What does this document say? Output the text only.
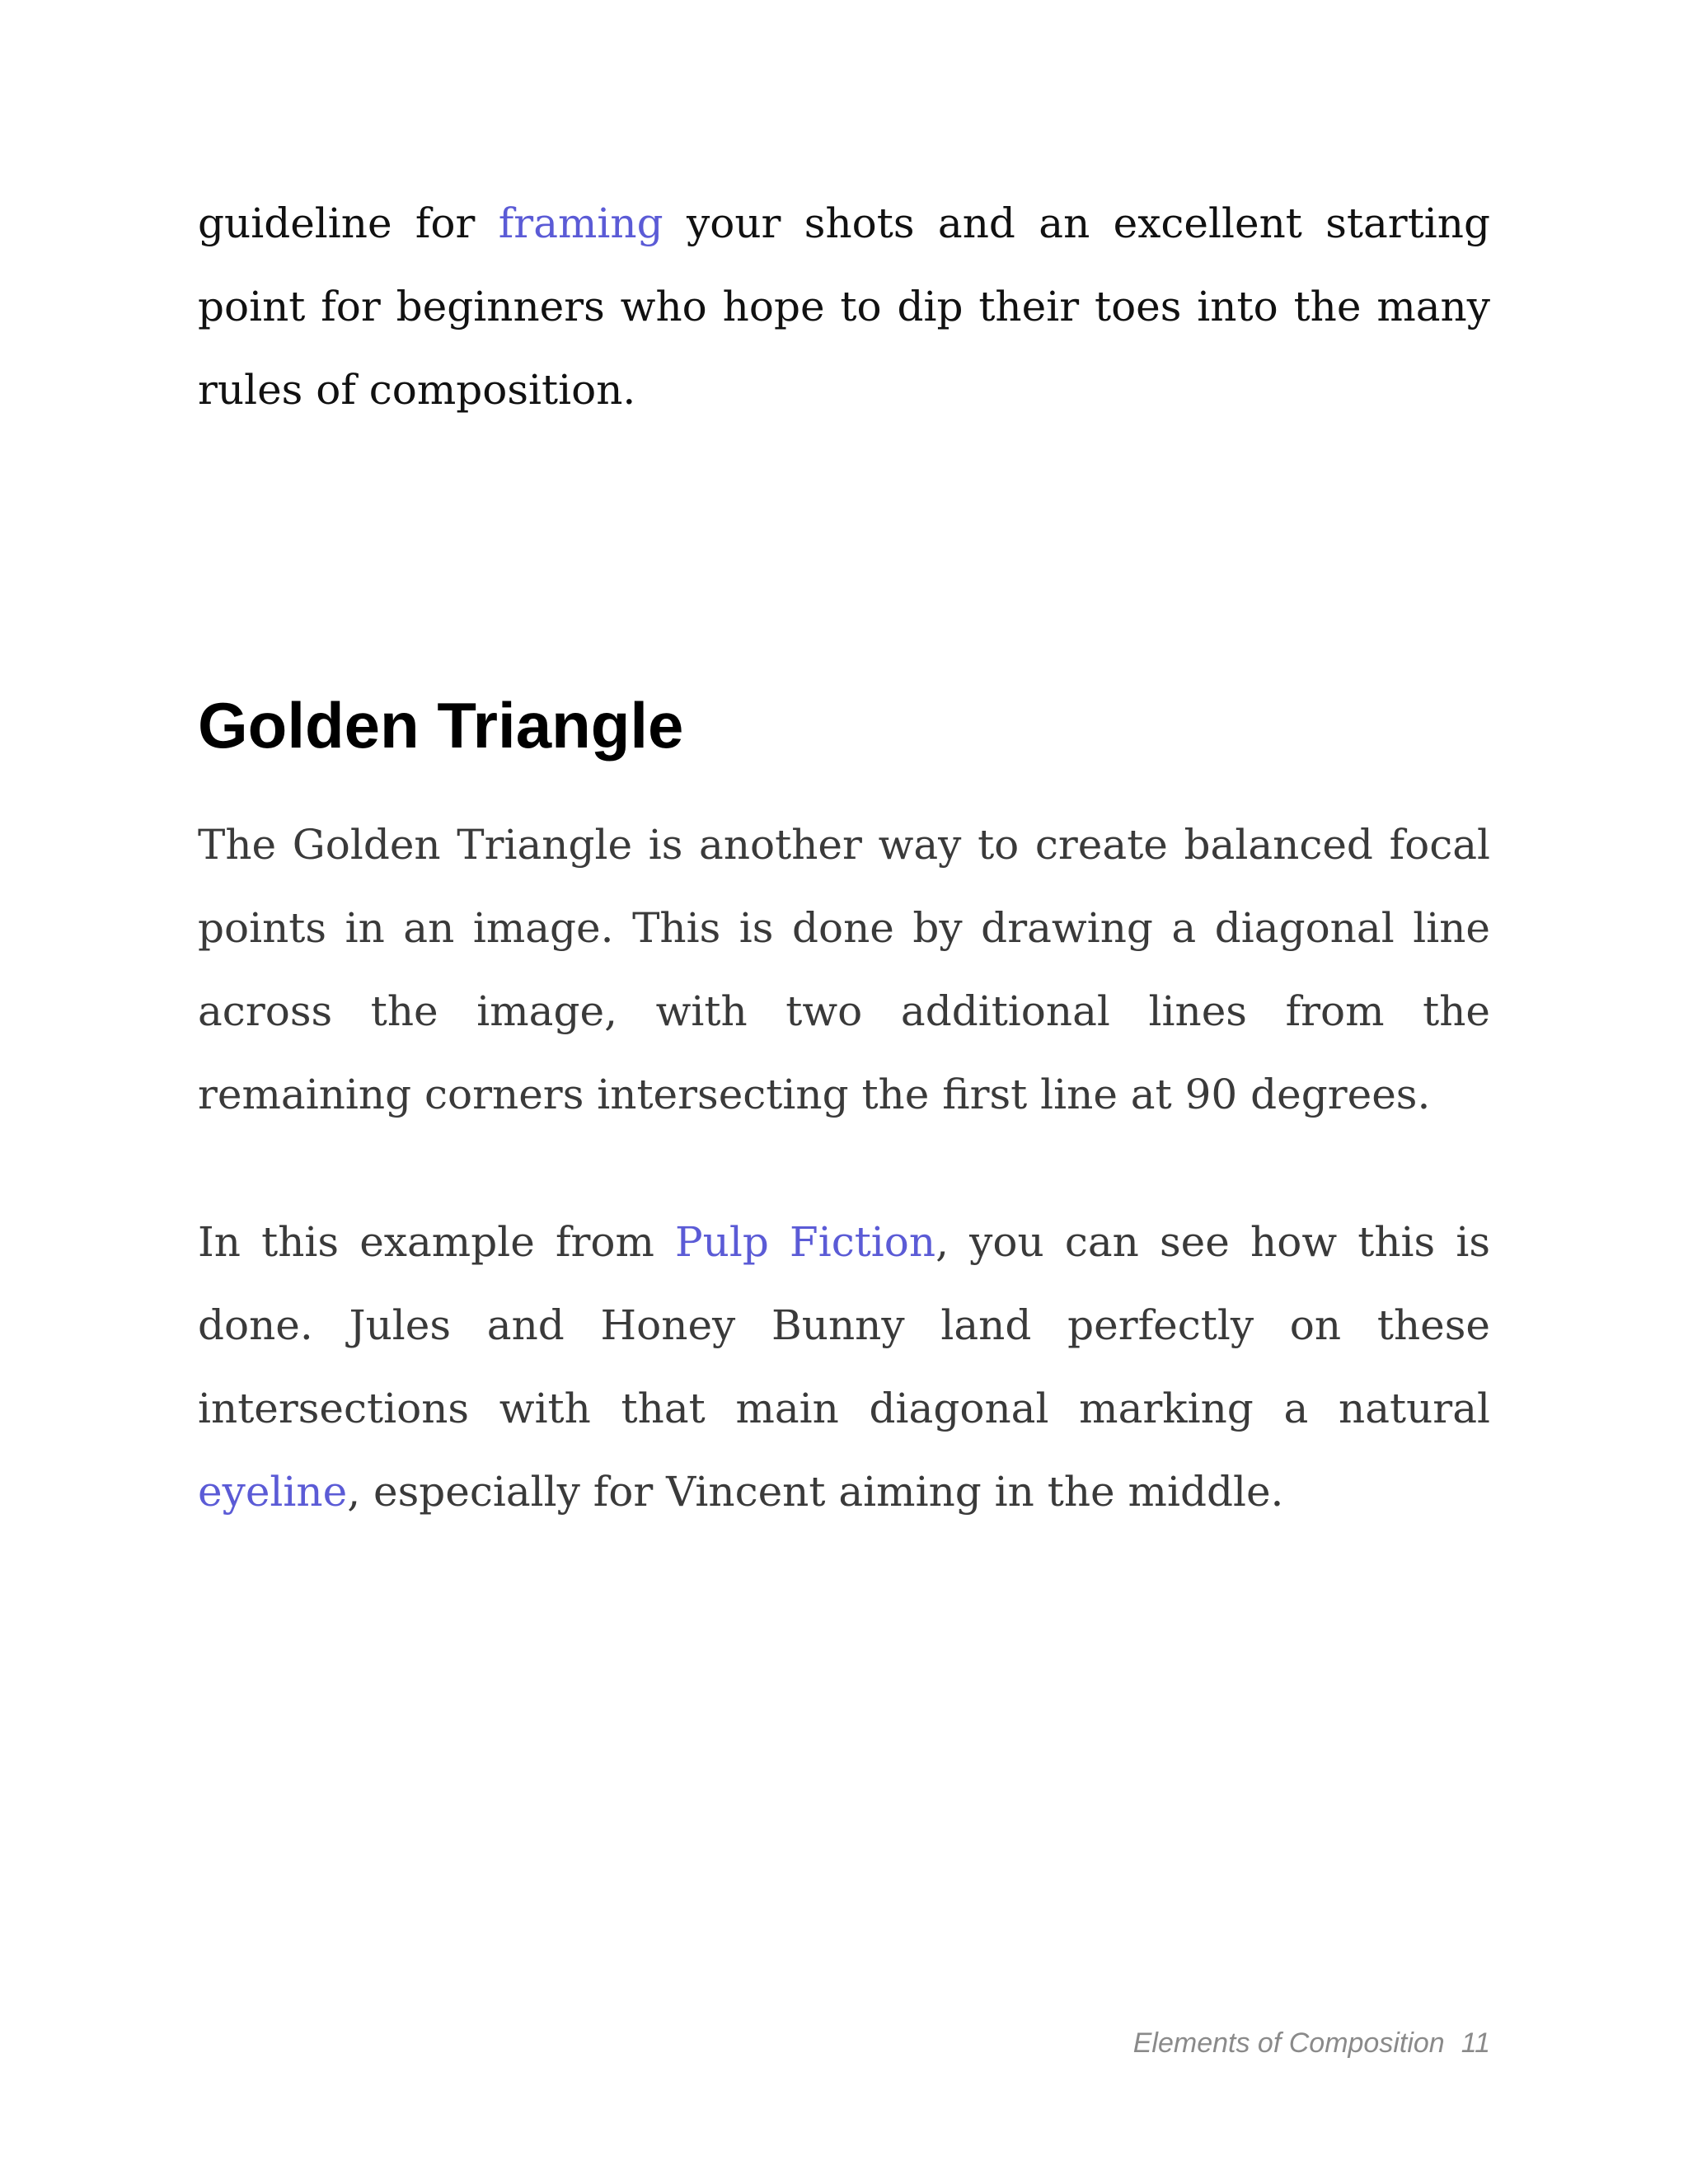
guideline for framing your shots and an excellent starting point for beginners who hope to dip their toes into the many rules of composition.

Golden Triangle

The Golden Triangle is another way to create balanced focal points in an image. This is done by drawing a diagonal line across the image, with two additional lines from the remaining corners intersecting the first line at 90 degrees.

In this example from Pulp Fiction, you can see how this is done. Jules and Honey Bunny land perfectly on these intersections with that main diagonal marking a natural eyeline, especially for Vincent aiming in the middle.

Elements of Composition 11
